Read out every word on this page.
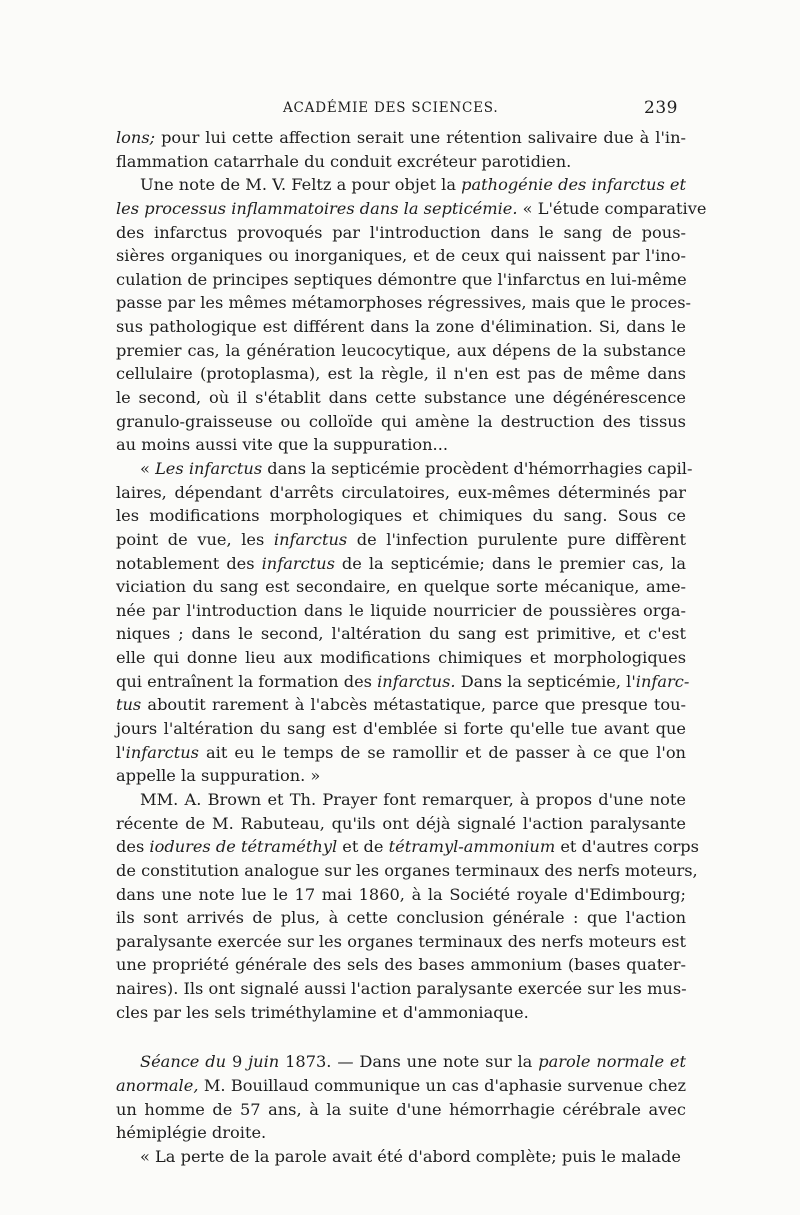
ACADÉMIE DES SCIENCES.	239
lons; pour lui cette affection serait une rétention salivaire due à l'in-
flammation catarrhale du conduit excréteur parotidien.
Une note de M. V. Feltz a pour objet la pathogénie des infarctus et
les processus inflammatoires dans la septicémie. « L'étude comparative
des infarctus provoqués par l'introduction dans le sang de pous-
sières organiques ou inorganiques, et de ceux qui naissent par l'ino-
culation de principes septiques démontre que l'infarctus en lui-même
passe par les mêmes métamorphoses régressives, mais que le proces-
sus pathologique est différent dans la zone d'élimination. Si, dans le
premier cas, la génération leucocytique, aux dépens de la substance
cellulaire (protoplasma), est la règle, il n'en est pas de même dans
le second, où il s'établit dans cette substance une dégénérescence
granulo-graisseuse ou colloïde qui amène la destruction des tissus
au moins aussi vite que la suppuration...
« Les infarctus dans la septicémie procèdent d'hémorrhagies capil-
laires, dépendant d'arrêts circulatoires, eux-mêmes déterminés par
les modifications morphologiques et chimiques du sang. Sous ce
point de vue, les infarctus de l'infection purulente pure diffèrent
notablement des infarctus de la septicémie; dans le premier cas, la
viciation du sang est secondaire, en quelque sorte mécanique, ame-
née par l'introduction dans le liquide nourricier de poussières orga-
niques ; dans le second, l'altération du sang est primitive, et c'est
elle qui donne lieu aux modifications chimiques et morphologiques
qui entraînent la formation des infarctus. Dans la septicémie, l'infarc-
tus aboutit rarement à l'abcès métastatique, parce que presque tou-
jours l'altération du sang est d'emblée si forte qu'elle tue avant que
l'infarctus ait eu le temps de se ramollir et de passer à ce que l'on
appelle la suppuration. »
MM. A. Brown et Th. Prayer font remarquer, à propos d'une note
récente de M. Rabuteau, qu'ils ont déjà signalé l'action paralysante
des iodures de tétraméthyl et de tétramyl-ammonium et d'autres corps
de constitution analogue sur les organes terminaux des nerfs moteurs,
dans une note lue le 17 mai 1860, à la Société royale d'Edimbourg;
ils sont arrivés de plus, à cette conclusion générale : que l'action
paralysante exercée sur les organes terminaux des nerfs moteurs est
une propriété générale des sels des bases ammonium (bases quater-
naires). Ils ont signalé aussi l'action paralysante exercée sur les mus-
cles par les sels triméthylamine et d'ammoniaque.
Séance du 9 juin 1873. — Dans une note sur la parole normale et
anormale, M. Bouillaud communique un cas d'aphasie survenue chez
un homme de 57 ans, à la suite d'une hémorrhagie cérébrale avec
hémiplégie droite.
« La perte de la parole avait été d'abord complète; puis le malade
